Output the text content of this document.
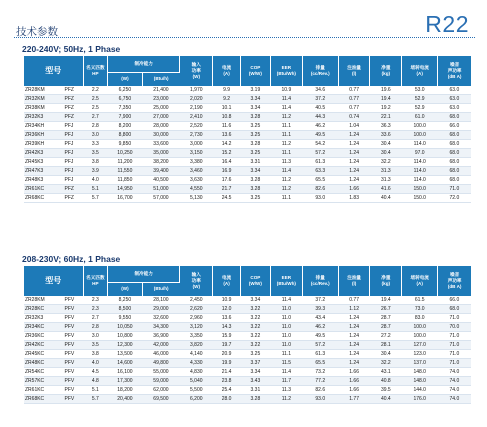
技术参数	R22
220-240V; 50Hz, 1 Phase
型号		名义匹数
HP	制冷能力		输入
功率
(W)	电流
(A)	COP
(W/W)	EER
(Btu/Wh)	排量
(cc/Rev.)	注油量
(l)	净重
(kg)	堵转电流
(A)	噪音
声功率
(dB A)
			(W)	(Btu/h)									
ZR28KM	PFZ	2.2	6,250	21,400	1,970	9.9	3.19	10.9	34.6	0.77	19.6	53.0	63.0
ZR32KM	PFZ	2.5	6,750	23,000	2,020	9.2	3.34	11.4	37.2	0.77	19.4	52.9	63.0
ZR38KM	PFZ	2.5	7,350	25,000	2,190	10.1	3.34	11.4	40.5	0.77	19.2	52.9	63.0
ZR32K3	PFZ	2.7	7,900	27,000	2,410	10.8	3.28	11.2	44.3	0.74	22.1	61.0	68.0
ZR34KH	PFJ	2.8	8,200	28,000	2,520	11.6	3.25	11.1	46.2	1.04	36.3	100.0	66.0
ZR36KH	PFJ	3.0	8,800	30,000	2,730	13.6	3.25	11.1	49.5	1.24	33.6	100.0	68.0
ZR39KH	PFJ	3.3	9,850	33,600	3,000	14.2	3.28	11.2	54.2	1.24	30.4	114.0	68.0
ZR42K3	PFJ	3.5	10,250	35,000	3,150	15.2	3.25	11.1	57.2	1.24	30.4	97.0	68.0
ZR45K3	PFJ	3.8	11,200	38,200	3,380	16.4	3.31	11.3	61.3	1.24	32.2	114.0	68.0
ZR47K3	PFJ	3.9	11,550	39,400	3,460	16.9	3.34	11.4	63.3	1.24	31.3	114.0	68.0
ZR48K3	PFJ	4.0	11,850	40,500	3,630	17.6	3.28	11.2	65.5	1.24	31.3	114.0	68.0
ZR61KC	PFZ	5.1	14,950	51,000	4,550	21.7	3.28	11.2	82.6	1.66	41.6	150.0	71.0
ZR68KC	PFZ	5.7	16,700	57,000	5,130	24.5	3.25	11.1	93.0	1.83	40.4	150.0	72.0
208-230V; 60Hz, 1 Phase
型号		名义匹数
HP	制冷能力		输入
功率
(W)	电流
(A)	COP
(W/W)	EER
(Btu/Wh)	排量
(cc/Rev.)	注油量
(l)	净重
(kg)	堵转电流
(A)	噪音
声功率
(dB A)
			(W)	(Btu/h)									
ZR28KM	PFV	2.3	8,250	28,100	2,450	10.9	3.34	11.4	37.2	0.77	19.4	61.5	66.0
ZR28KC	PFV	2.3	8,500	29,000	2,620	12.0	3.22	11.0	39.3	1.12	26.7	73.0	68.0
ZR32K3	PFV	2.7	9,550	32,600	2,960	13.6	3.22	11.0	43.4	1.24	28.7	83.0	71.0
ZR34KC	PFV	2.8	10,050	34,300	3,120	14.3	3.22	11.0	46.2	1.24	28.7	100.0	70.0
ZR36KC	PFV	3.0	10,800	36,900	3,350	15.9	3.22	11.0	49.5	1.24	27.2	100.0	71.0
ZR42KC	PFV	3.5	12,300	42,000	3,820	19.7	3.22	11.0	57.2	1.24	28.1	127.0	71.0
ZR45KC	PFV	3.8	13,500	46,000	4,140	20.9	3.25	11.1	61.3	1.24	30.4	123.0	71.0
ZR48KC	PFV	4.0	14,600	49,800	4,330	19.9	3.37	11.5	65.5	1.24	32.2	137.0	71.0
ZR54KC	PFV	4.5	16,100	55,000	4,830	21.4	3.34	11.4	73.2	1.66	43.1	148.0	74.0
ZR57KC	PFV	4.8	17,300	59,000	5,040	23.8	3.43	11.7	77.2	1.66	40.8	148.0	74.0
ZR61KC	PFV	5.1	18,200	62,000	5,500	25.4	3.31	11.3	82.6	1.66	39.5	144.0	74.0
ZR68KC	PFV	5.7	20,400	69,500	6,200	28.0	3.28	11.2	93.0	1.77	40.4	176.0	74.0
